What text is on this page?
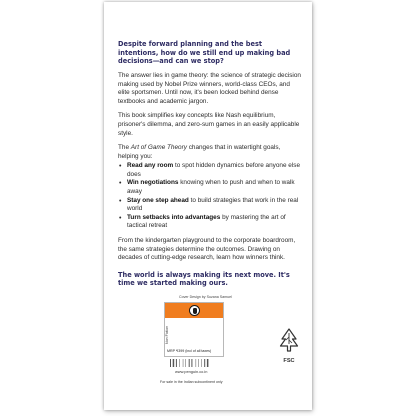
Despite forward planning and the best intentions, how do we still end up making bad decisions—and can we stop?

The answer lies in game theory: the science of strategic decision making used by Nobel Prize winners, world-class CEOs, and elite sportsmen. Until now, it's been locked behind dense textbooks and academic jargon.

This book simplifies key concepts like Nash equilibrium, prisoner's dilemma, and zero-sum games in an easily applicable style.

The Art of Game Theory changes that in watertight goals, helping you:

• Read any room to spot hidden dynamics before anyone else does
• Win negotiations knowing when to push and when to walk away
• Stay one step ahead to build strategies that work in the real world
• Turn setbacks into advantages by mastering the art of tactical retreat

From the kindergarten playground to the corporate boardroom, the same strategies determine the outcomes. Drawing on decades of cutting-edge research, learn how winners think.

The world is always making its next move. It's time we started making ours.

Cover Design by Suzana Samuel
Non Fiction
MRP ₹399 (incl of all taxes)
www.penguin.co.in
For sale in the Indian subcontinent only
FSC
